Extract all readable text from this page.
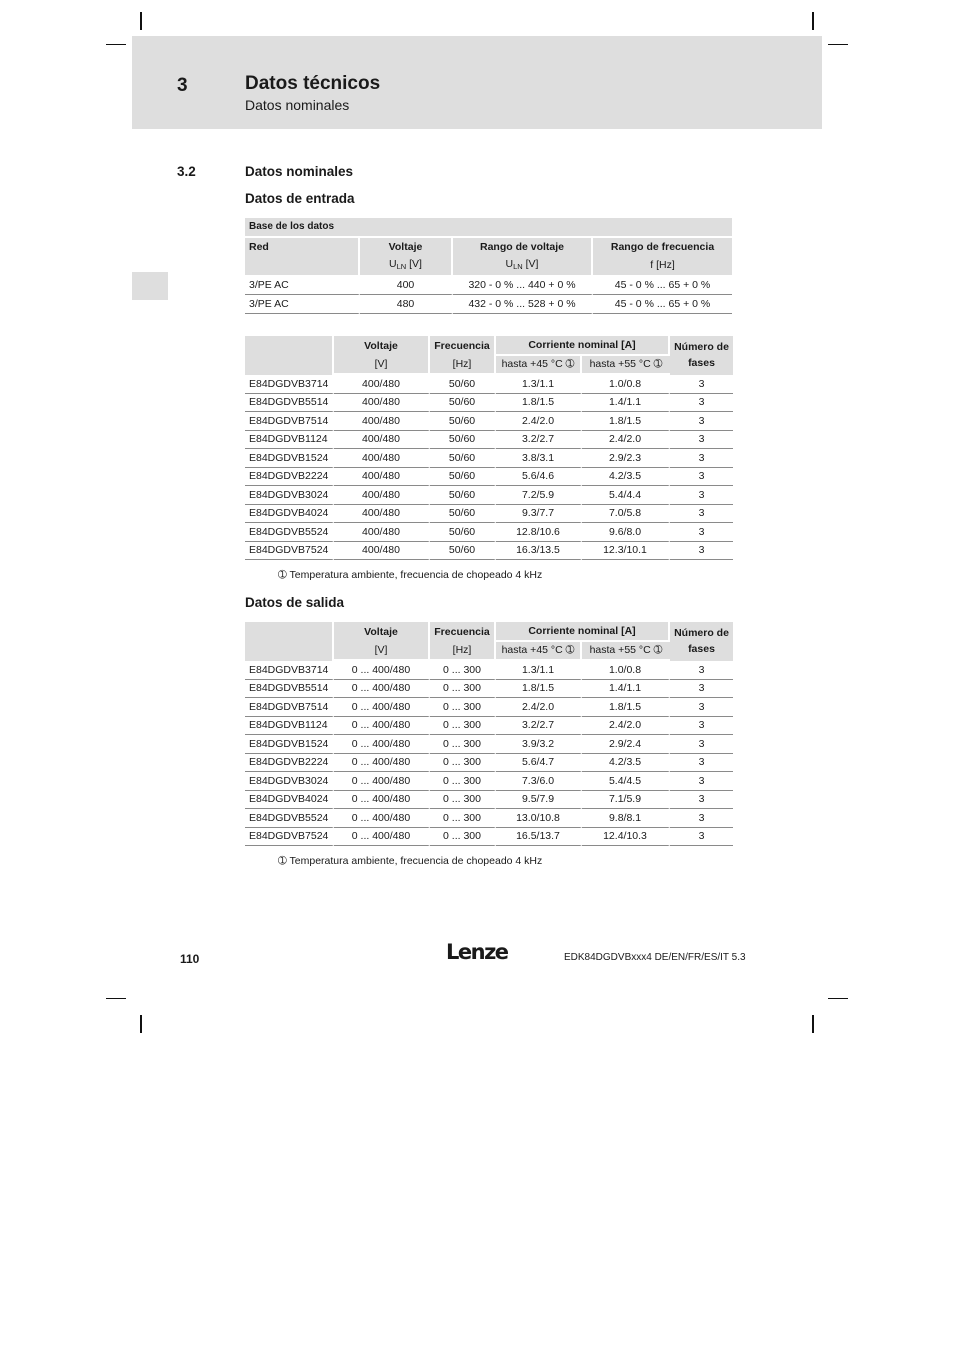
3	Datos técnicos
Datos nominales
3.2	Datos nominales
Datos de entrada
Base de los datos			
Red	Voltaje	Rango de voltaje	Rango de frecuencia
	$U_{LN}$ [V]	$U_{LN}$ [V]	f [Hz]
3/PE AC	400	320 - 0 % ... 440 + 0 %	45 - 0 % ... 65 + 0 %
3/PE AC	480	432 - 0 % ... 528 + 0 %	45 - 0 % ... 65 + 0 %
	Voltaje	Frecuencia	Corriente nominal [A]		Número de fases
	[V]	[Hz]	hasta +45 °C ➀	hasta +55 °C ➀	
E84DGDVB3714	400/480	50/60	1.3/1.1	1.0/0.8	3
E84DGDVB5514	400/480	50/60	1.8/1.5	1.4/1.1	3
E84DGDVB7514	400/480	50/60	2.4/2.0	1.8/1.5	3
E84DGDVB1124	400/480	50/60	3.2/2.7	2.4/2.0	3
E84DGDVB1524	400/480	50/60	3.8/3.1	2.9/2.3	3
E84DGDVB2224	400/480	50/60	5.6/4.6	4.2/3.5	3
E84DGDVB3024	400/480	50/60	7.2/5.9	5.4/4.4	3
E84DGDVB4024	400/480	50/60	9.3/7.7	7.0/5.8	3
E84DGDVB5524	400/480	50/60	12.8/10.6	9.6/8.0	3
E84DGDVB7524	400/480	50/60	16.3/13.5	12.3/10.1	3
➀ Temperatura ambiente, frecuencia de chopeado 4 kHz
Datos de salida
	Voltaje	Frecuencia	Corriente nominal [A]		Número de fases
	[V]	[Hz]	hasta +45 °C ➀	hasta +55 °C ➀	
E84DGDVB3714	0 ... 400/480	0 ... 300	1.3/1.1	1.0/0.8	3
E84DGDVB5514	0 ... 400/480	0 ... 300	1.8/1.5	1.4/1.1	3
E84DGDVB7514	0 ... 400/480	0 ... 300	2.4/2.0	1.8/1.5	3
E84DGDVB1124	0 ... 400/480	0 ... 300	3.2/2.7	2.4/2.0	3
E84DGDVB1524	0 ... 400/480	0 ... 300	3.9/3.2	2.9/2.4	3
E84DGDVB2224	0 ... 400/480	0 ... 300	5.6/4.7	4.2/3.5	3
E84DGDVB3024	0 ... 400/480	0 ... 300	7.3/6.0	5.4/4.5	3
E84DGDVB4024	0 ... 400/480	0 ... 300	9.5/7.9	7.1/5.9	3
E84DGDVB5524	0 ... 400/480	0 ... 300	13.0/10.8	9.8/8.1	3
E84DGDVB7524	0 ... 400/480	0 ... 300	16.5/13.7	12.4/10.3	3
➀ Temperatura ambiente, frecuencia de chopeado 4 kHz
110	Lenze	EDK84DGDVBxxx4 DE/EN/FR/ES/IT 5.3
